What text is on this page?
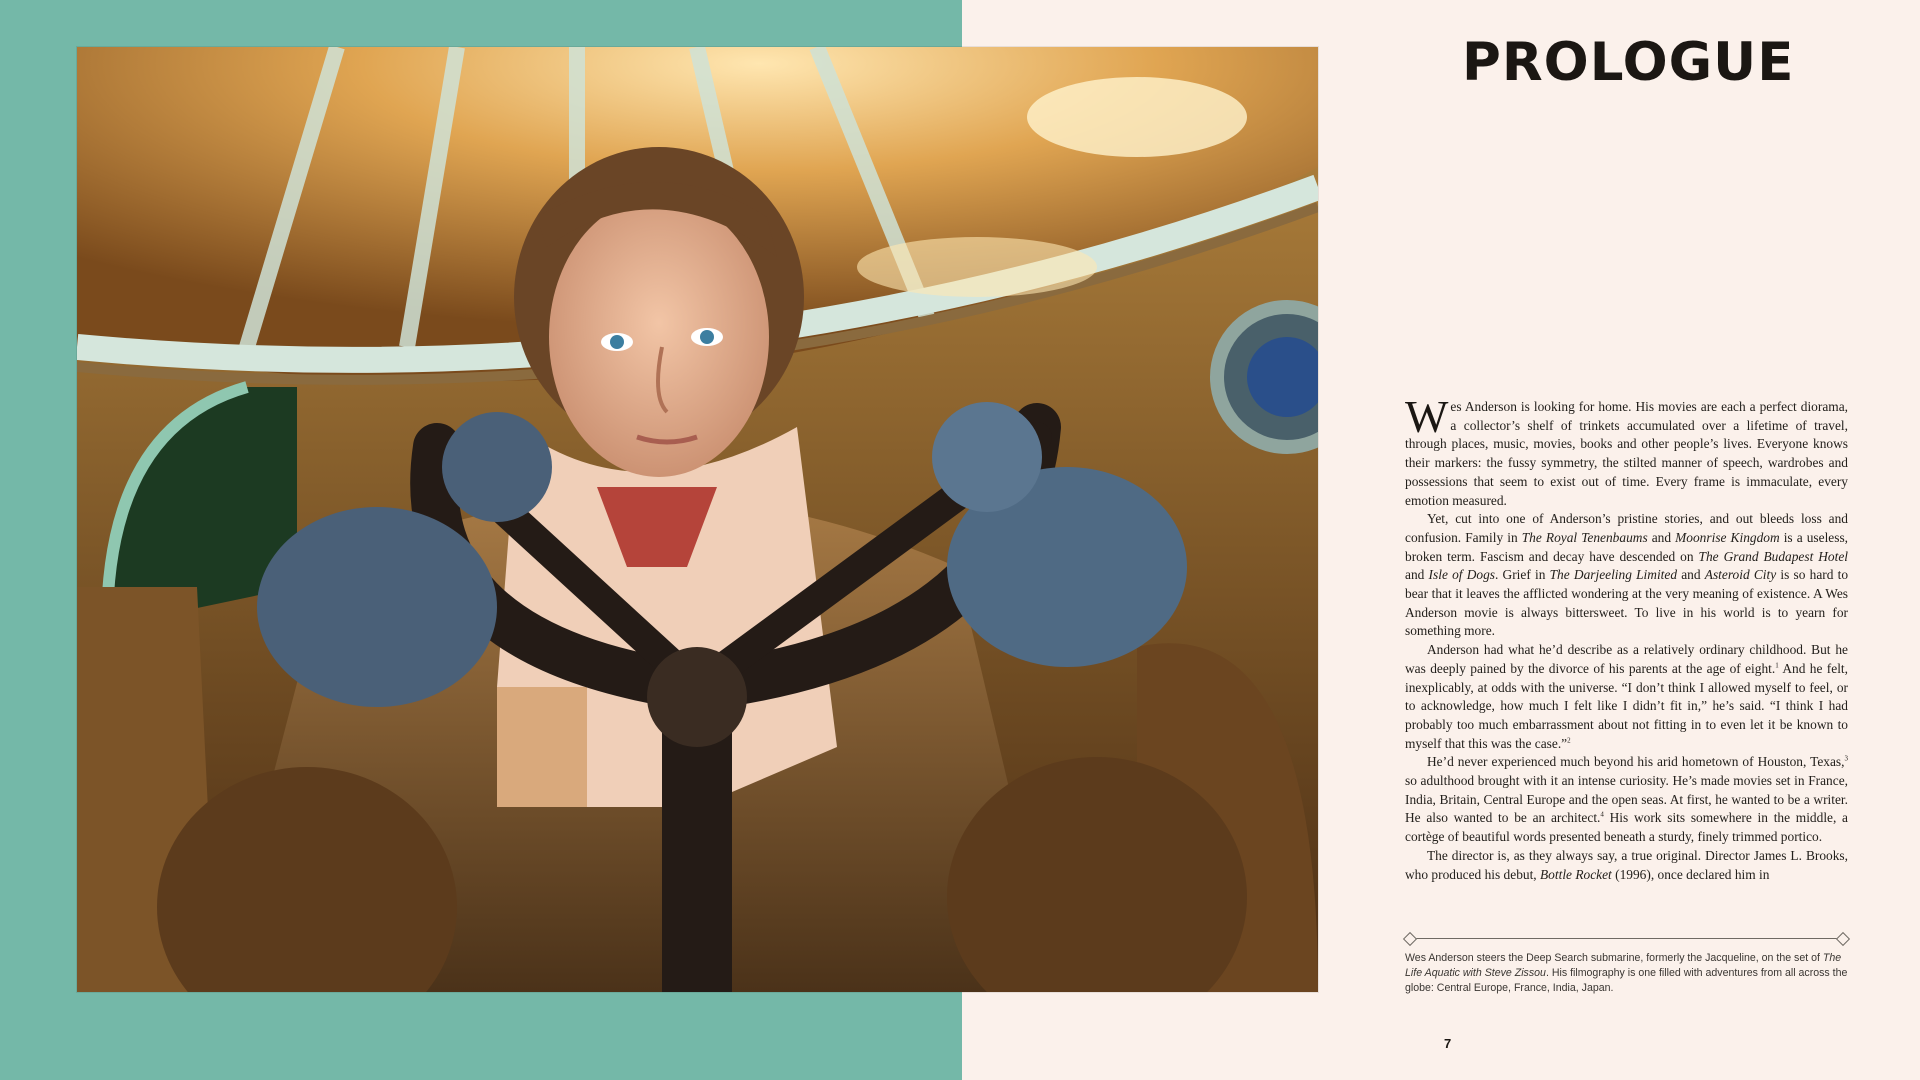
PROLOGUE

Wes Anderson is looking for home. His movies are each a perfect diorama, a collector’s shelf of trinkets accumulated over a lifetime of travel, through places, music, movies, books and other people’s lives. Everyone knows their markers: the fussy symmetry, the stilted manner of speech, wardrobes and possessions that seem to exist out of time. Every frame is immaculate, every emotion measured.

Yet, cut into one of Anderson’s pristine stories, and out bleeds loss and confusion. Family in The Royal Tenenbaums and Moonrise Kingdom is a useless, broken term. Fascism and decay have descended on The Grand Budapest Hotel and Isle of Dogs. Grief in The Darjeeling Limited and Asteroid City is so hard to bear that it leaves the afflicted wondering at the very meaning of existence. A Wes Anderson movie is always bittersweet. To live in his world is to yearn for something more.

Anderson had what he’d describe as a relatively ordinary childhood. But he was deeply pained by the divorce of his parents at the age of eight.$^1$ And he felt, inexplicably, at odds with the universe. “I don’t think I allowed myself to feel, or to acknowledge, how much I felt like I didn’t fit in,” he’s said. “I think I had probably too much embarrassment about not fitting in to even let it be known to myself that this was the case.”$^2$

He’d never experienced much beyond his arid hometown of Houston, Texas,$^3$ so adulthood brought with it an intense curiosity. He’s made movies set in France, India, Britain, Central Europe and the open seas. At first, he wanted to be a writer. He also wanted to be an architect.$^4$ His work sits somewhere in the middle, a cortège of beautiful words presented beneath a sturdy, finely trimmed portico.

The director is, as they always say, a true original. Director James L. Brooks, who produced his debut, Bottle Rocket (1996), once declared him in

Wes Anderson steers the Deep Search submarine, formerly the Jacqueline, on the set of The Life Aquatic with Steve Zissou. His filmography is one filled with adventures from all across the globe: Central Europe, France, India, Japan.
7
